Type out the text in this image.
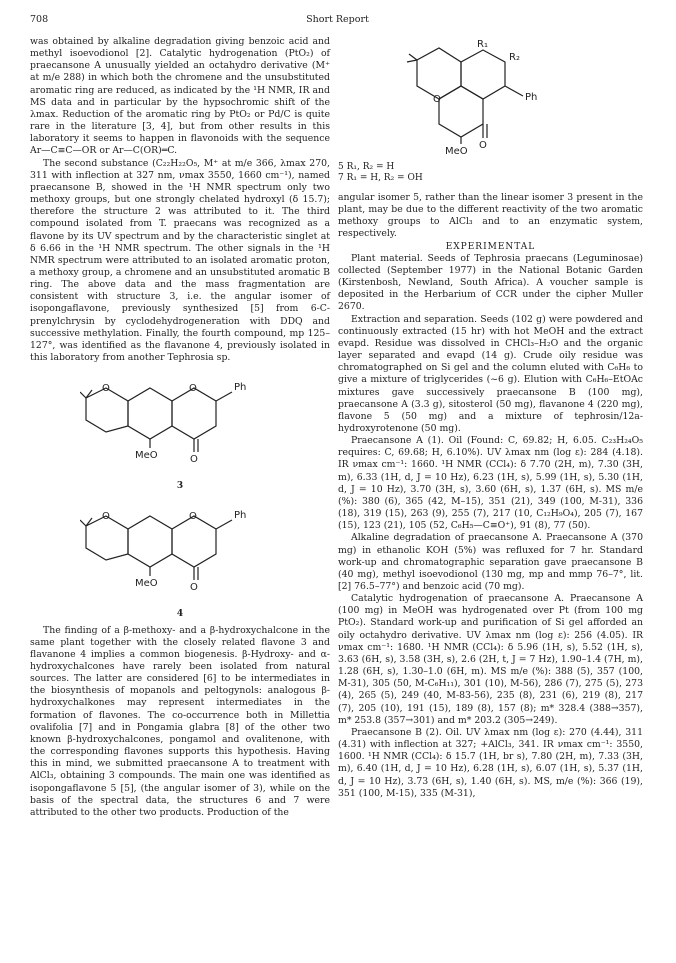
708	Short Report

was obtained by alkaline degradation giving benzoic acid and methyl isoevodionol [2]. Catalytic hydrogenation (PtO₂) of praecansone A unusually yielded an octahydro derivative (M⁺ at m/e 288) in which both the chromene and the unsubstituted aromatic ring are reduced, as indicated by the ¹H NMR, IR and MS data and in particular by the hypsochromic shift of the λmax. Reduction of the aromatic ring by PtO₂ or Pd/C is quite rare in the literature [3, 4], but from other results in this laboratory it seems to happen in flavonoids with the sequence Ar—C≡C—OR or Ar—C(OR)═C.

The second substance (C₂₂H₂₂O₅, M⁺ at m/e 366, λmax 270, 311 with inflection at 327 nm, νmax 3550, 1660 cm⁻¹), named praecansone B, showed in the ¹H NMR spectrum only two methoxy groups, but one strongly chelated hydroxyl (δ 15.7); therefore the structure 2 was attributed to it. The third compound isolated from T. praecans was recognized as a flavone by its UV spectrum and by the characteristic singlet at δ 6.66 in the ¹H NMR spectrum. The other signals in the ¹H NMR spectrum were attributed to an isolated aromatic proton, a methoxy group, a chromene and an unsubstituted aromatic B ring. The above data and the mass fragmentation are consistent with structure 3, i.e. the angular isomer of isopongaflavone, previously synthesized [5] from 6-C-prenylchrysin by cyclodehydrogeneration with DDQ and successive methylation. Finally, the fourth compound, mp 125–127°, was identified as the flavanone 4, previously isolated in this laboratory from another Tephrosia sp.

O	O	Ph
O
MeO

3

O	O	Ph
O
MeO

4

The finding of a β-methoxy- and a β-hydroxychalcone in the same plant together with the closely related flavone 3 and flavanone 4 implies a common biogenesis. β-Hydroxy- and α-hydroxychalcones have rarely been isolated from natural sources. The latter are considered [6] to be intermediates in the biosynthesis of mopanols and peltogynols: analogous β-hydroxychalkones may represent intermediates in the formation of flavones. The co-occurrence both in Millettia ovalifolia [7] and in Pongamia glabra [8] of the other two known β-hydroxychalcones, pongamol and ovalitenone, with the corresponding flavones supports this hypothesis. Having this in mind, we submitted praecansone A to treatment with AlCl₃, obtaining 3 compounds. The main one was identified as isopongaflavone 5 [5], (the angular isomer of 3), while on the basis of the spectral data, the structures 6 and 7 were attributed to the other two products. Production of the

R₁
R₂
Ph
O
O
MeO

5 R₁, R₂ = H

7 R₁ = H, R₂ = OH

angular isomer 5, rather than the linear isomer 3 present in the plant, may be due to the different reactivity of the two aromatic methoxy groups to AlCl₃ and to an enzymatic system, respectively.

EXPERIMENTAL

Plant material. Seeds of Tephrosia praecans (Leguminosae) collected (September 1977) in the National Botanic Garden (Kirstenbosh, Newland, South Africa). A voucher sample is deposited in the Herbarium of CCR under the cipher Muller 2670.

Extraction and separation. Seeds (102 g) were powdered and continuously extracted (15 hr) with hot MeOH and the extract evapd. Residue was dissolved in CHCl₃–H₂O and the organic layer separated and evapd (14 g). Crude oily residue was chromatographed on Si gel and the column eluted with C₆H₆ to give a mixture of triglycerides (~6 g). Elution with C₆H₆–EtOAc mixtures gave successively praecansone B (100 mg), praecansone A (3.3 g), sitosterol (50 mg), flavanone 4 (220 mg), flavone 5 (50 mg) and a mixture of tephrosin/12a-hydroxyrotenone (50 mg).

Praecansone A (1). Oil (Found: C, 69.82; H, 6.05. C₂₃H₂₄O₅ requires: C, 69.68; H, 6.10%). UV λmax nm (log ε): 284 (4.18). IR νmax cm⁻¹: 1660. ¹H NMR (CCl₄): δ 7.70 (2H, m), 7.30 (3H, m), 6.33 (1H, d, J = 10 Hz), 6.23 (1H, s), 5.99 (1H, s), 5.30 (1H, d, J = 10 Hz), 3.70 (3H, s), 3.60 (6H, s), 1.37 (6H, s). MS m/e (%): 380 (6), 365 (42, M–15), 351 (21), 349 (100, M-31), 336 (18), 319 (15), 263 (9), 255 (7), 217 (10, C₁₂H₉O₄), 205 (7), 167 (15), 123 (21), 105 (52, C₆H₅—C≡O⁺), 91 (8), 77 (50).

Alkaline degradation of praecansone A. Praecansone A (370 mg) in ethanolic KOH (5%) was refluxed for 7 hr. Standard work-up and chromatographic separation gave praecansone B (40 mg), methyl isoevodionol (130 mg, mp and mmp 76–7°, lit. [2] 76.5–77°) and benzoic acid (70 mg).

Catalytic hydrogenation of praecansone A. Praecansone A (100 mg) in MeOH was hydrogenated over Pt (from 100 mg PtO₂). Standard work-up and purification of Si gel afforded an oily octahydro derivative. UV λmax nm (log ε): 256 (4.05). IR νmax cm⁻¹: 1680. ¹H NMR (CCl₄): δ 5.96 (1H, s), 5.52 (1H, s), 3.63 (6H, s), 3.58 (3H, s), 2.6 (2H, t, J = 7 Hz), 1.90–1.4 (7H, m), 1.28 (6H, s), 1.30–1.0 (6H, m). MS m/e (%): 388 (5), 357 (100, M-31), 305 (50, M-C₆H₁₁), 301 (10), M-56), 286 (7), 275 (5), 273 (4), 265 (5), 249 (40, M-83-56), 235 (8), 231 (6), 219 (8), 217 (7), 205 (10), 191 (15), 189 (8), 157 (8); m* 328.4 (388→357), m* 253.8 (357→301) and m* 203.2 (305→249).

Praecansone B (2). Oil. UV λmax nm (log ε): 270 (4.44), 311 (4.31) with inflection at 327; +AlCl₃, 341. IR νmax cm⁻¹: 3550, 1600. ¹H NMR (CCl₄): δ 15.7 (1H, br s), 7.80 (2H, m), 7.33 (3H, m), 6.40 (1H, d, J = 10 Hz), 6.28 (1H, s), 6.07 (1H, s), 5.37 (1H, d, J = 10 Hz), 3.73 (6H, s), 1.40 (6H, s). MS, m/e (%): 366 (19), 351 (100, M-15), 335 (M-31),
